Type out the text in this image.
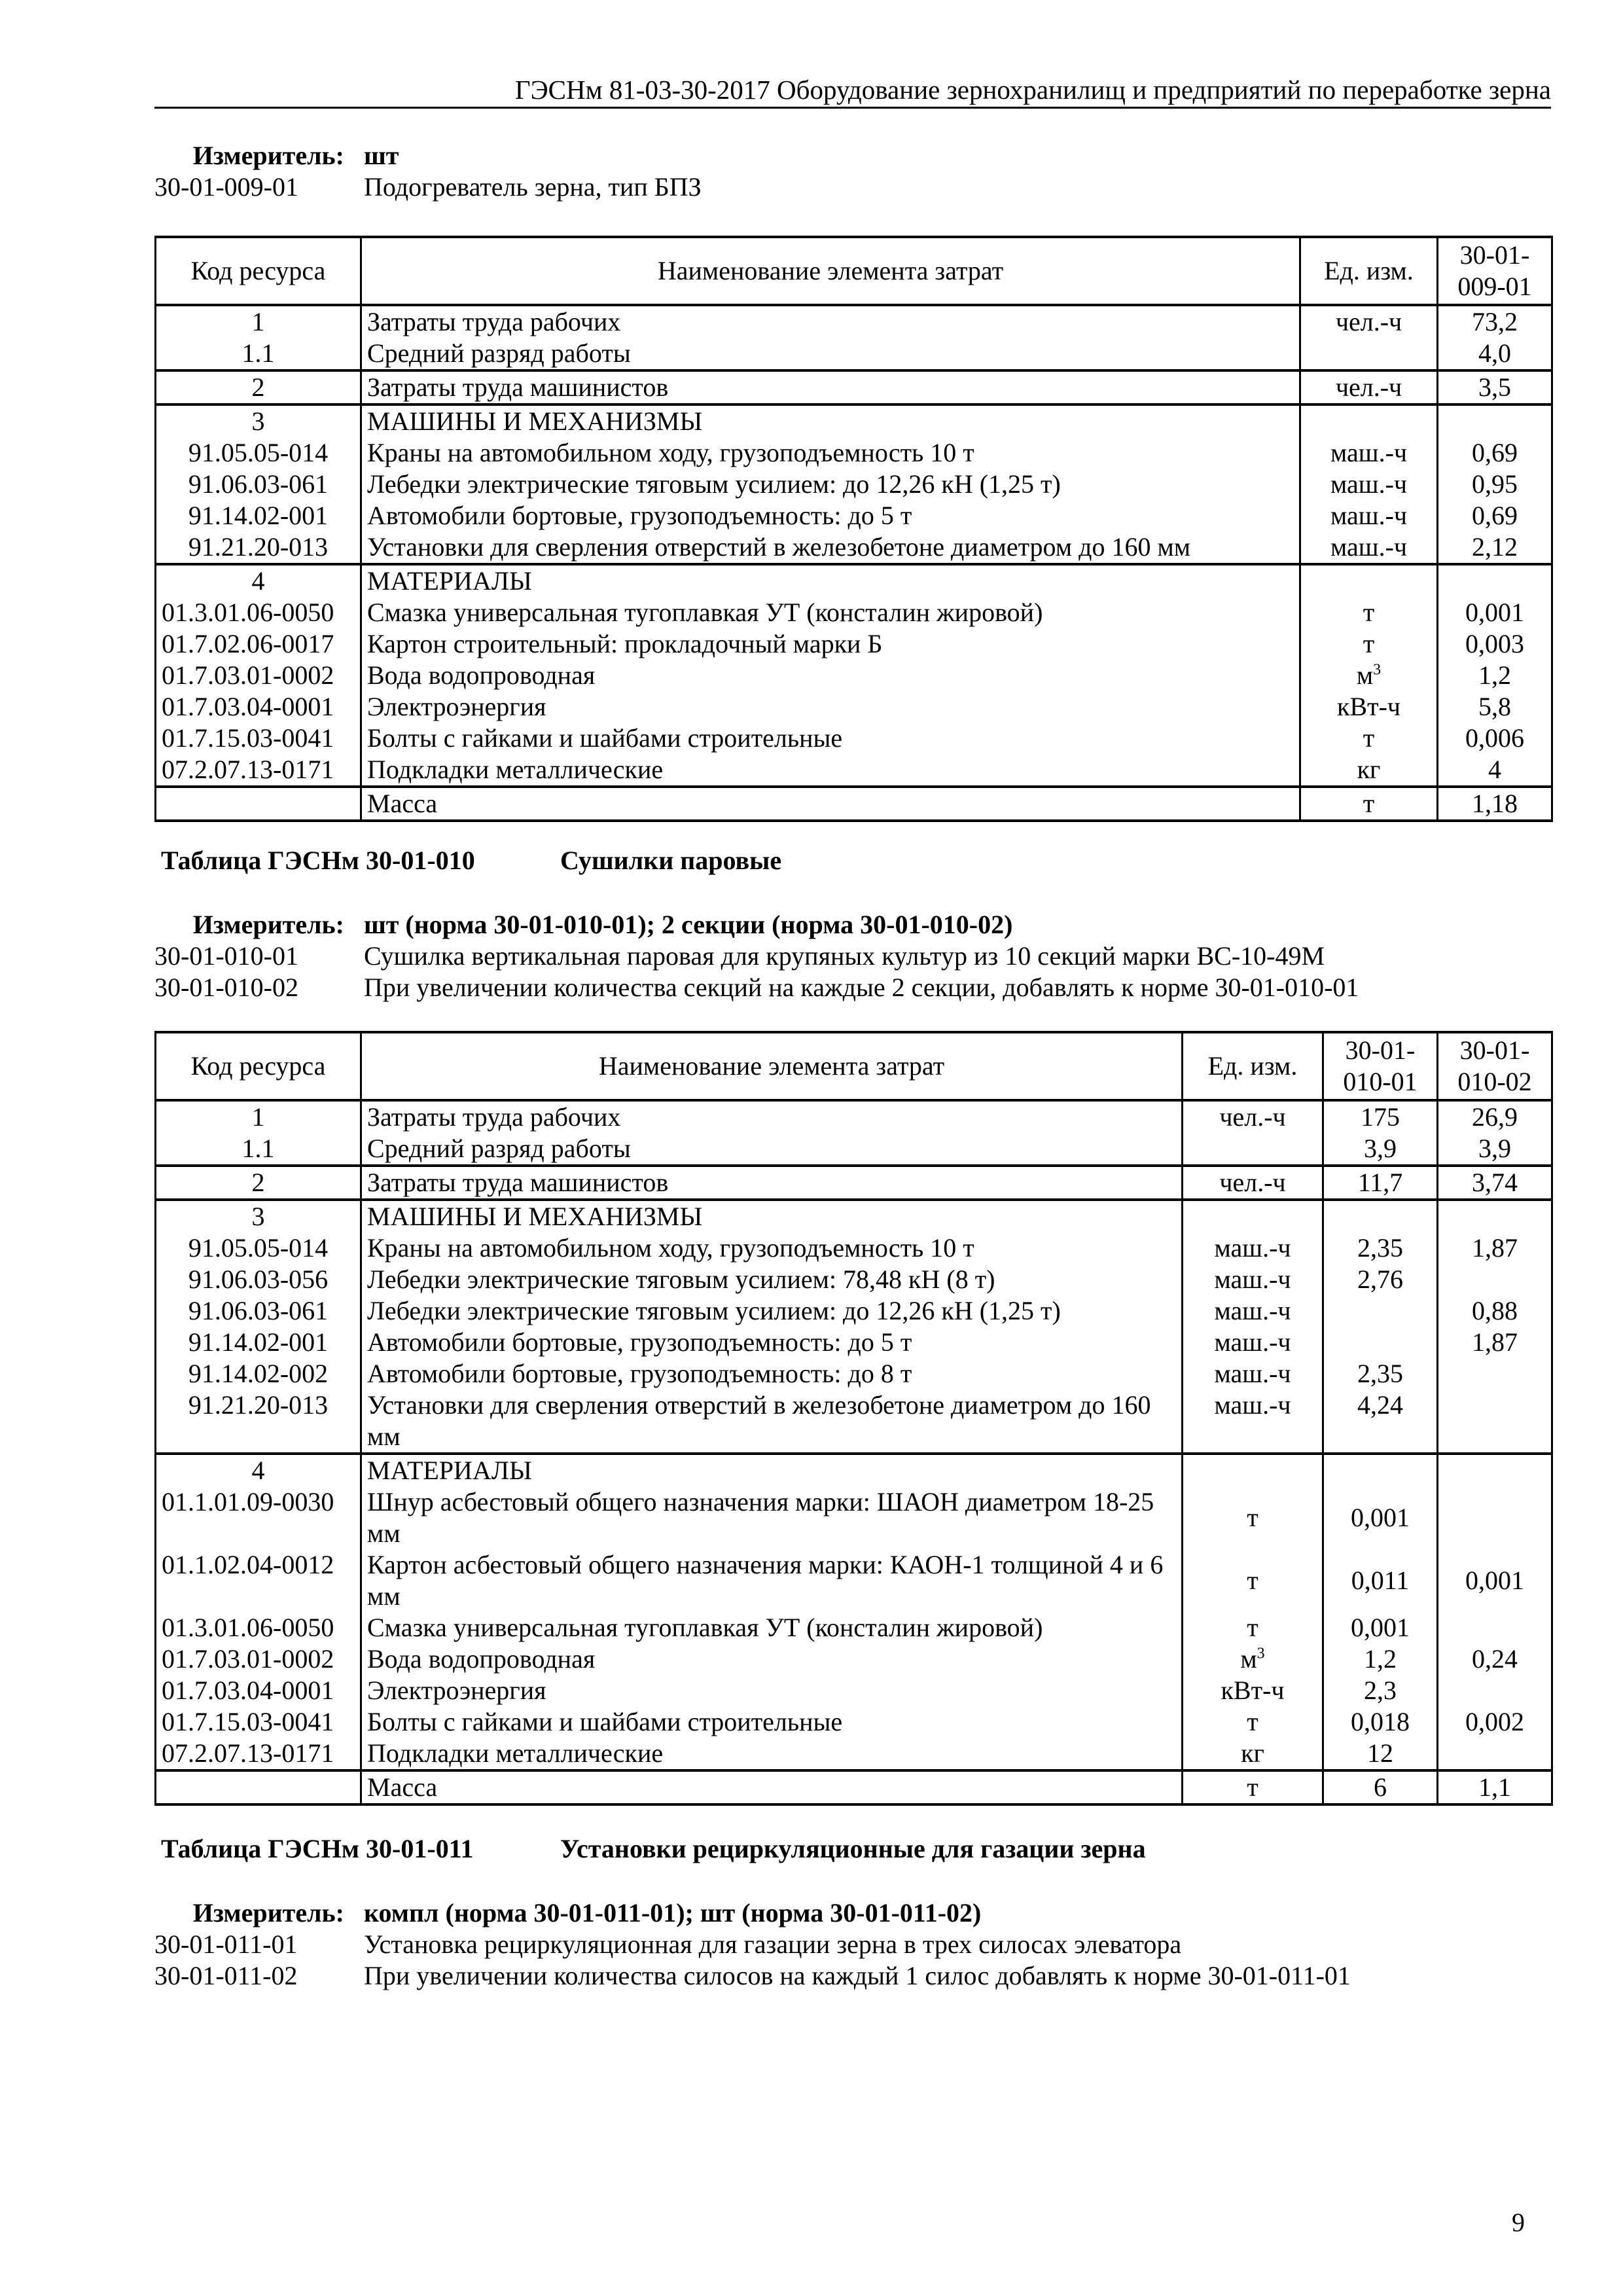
ГЭСНм 81-03-30-2017 Оборудование зернохранилищ и предприятий по переработке зерна
Измеритель: шт
30-01-009-01	Подогреватель зерна, тип БПЗ
Код ресурса	Наименование элемента затрат	Ед. изм.	30-01-009-01
1	Затраты труда рабочих	чел.-ч	73,2
1.1	Средний разряд работы		4,0
2	Затраты труда машинистов	чел.-ч	3,5
3	МАШИНЫ И МЕХАНИЗМЫ		
91.05.05-014	Краны на автомобильном ходу, грузоподъемность 10 т	маш.-ч	0,69
91.06.03-061	Лебедки электрические тяговым усилием: до 12,26 кН (1,25 т)	маш.-ч	0,95
91.14.02-001	Автомобили бортовые, грузоподъемность: до 5 т	маш.-ч	0,69
91.21.20-013	Установки для сверления отверстий в железобетоне диаметром до 160 мм	маш.-ч	2,12
4	МАТЕРИАЛЫ		
01.3.01.06-0050	Смазка универсальная тугоплавкая УТ (консталин жировой)	т	0,001
01.7.02.06-0017	Картон строительный: прокладочный марки Б	т	0,003
01.7.03.01-0002	Вода водопроводная	$м^3$	1,2
01.7.03.04-0001	Электроэнергия	кВт-ч	5,8
01.7.15.03-0041	Болты с гайками и шайбами строительные	т	0,006
07.2.07.13-0171	Подкладки металлические	кг	4
	Масса	т	1,18
Таблица ГЭСНм 30-01-010	Сушилки паровые
Измеритель: шт (норма 30-01-010-01); 2 секции (норма 30-01-010-02)
30-01-010-01	Сушилка вертикальная паровая для крупяных культур из 10 секций марки ВС-10-49М
30-01-010-02	При увеличении количества секций на каждые 2 секции, добавлять к норме 30-01-010-01
Код ресурса	Наименование элемента затрат	Ед. изм.	30-01-010-01	30-01-010-02
1	Затраты труда рабочих	чел.-ч	175	26,9
1.1	Средний разряд работы		3,9	3,9
2	Затраты труда машинистов	чел.-ч	11,7	3,74
3	МАШИНЫ И МЕХАНИЗМЫ			
91.05.05-014	Краны на автомобильном ходу, грузоподъемность 10 т	маш.-ч	2,35	1,87
91.06.03-056	Лебедки электрические тяговым усилием: 78,48 кН (8 т)	маш.-ч	2,76	
91.06.03-061	Лебедки электрические тяговым усилием: до 12,26 кН (1,25 т)	маш.-ч		0,88
91.14.02-001	Автомобили бортовые, грузоподъемность: до 5 т	маш.-ч		1,87
91.14.02-002	Автомобили бортовые, грузоподъемность: до 8 т	маш.-ч	2,35	
91.21.20-013	Установки для сверления отверстий в железобетоне диаметром до 160 мм	маш.-ч	4,24	
4	МАТЕРИАЛЫ			
01.1.01.09-0030	Шнур асбестовый общего назначения марки: ШАОН диаметром 18-25 мм	т	0,001	
01.1.02.04-0012	Картон асбестовый общего назначения марки: КАОН-1 толщиной 4 и 6 мм	т	0,011	0,001
01.3.01.06-0050	Смазка универсальная тугоплавкая УТ (консталин жировой)	т	0,001	
01.7.03.01-0002	Вода водопроводная	$м^3$	1,2	0,24
01.7.03.04-0001	Электроэнергия	кВт-ч	2,3	
01.7.15.03-0041	Болты с гайками и шайбами строительные	т	0,018	0,002
07.2.07.13-0171	Подкладки металлические	кг	12	
	Масса	т	6	1,1
Таблица ГЭСНм 30-01-011	Установки рециркуляционные для газации зерна
Измеритель: компл (норма 30-01-011-01); шт (норма 30-01-011-02)
30-01-011-01	Установка рециркуляционная для газации зерна в трех силосах элеватора
30-01-011-02	При увеличении количества силосов на каждый 1 силос добавлять к норме 30-01-011-01
9
